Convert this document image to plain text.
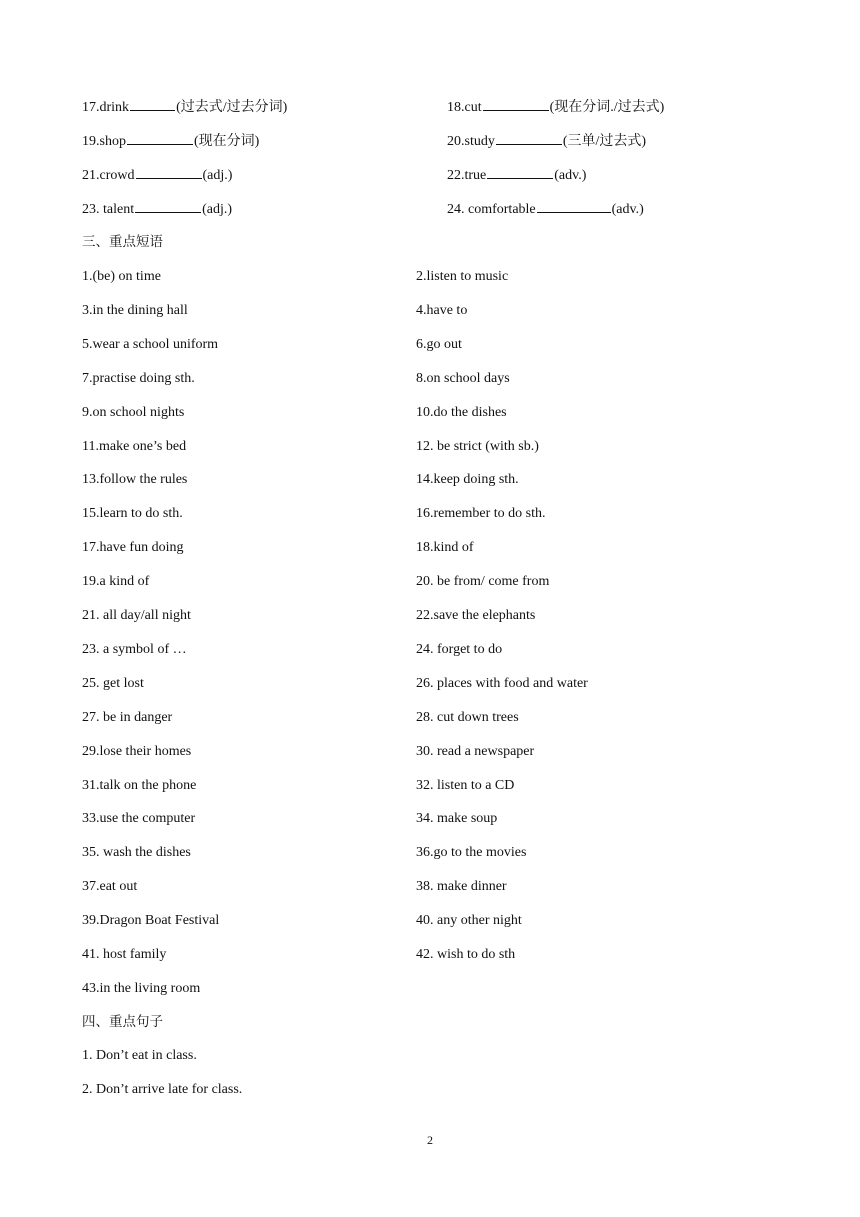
17.drink	(过去式/过去分词)	18.cut	(现在分词./过去式)
19.shop	(现在分词)	20.study	(三单/过去式)
21.crowd	(adj.)	22.true	(adv.)
23. talent	(adj.)	24. comfortable	(adv.)
三、重点短语
1.(be) on time	2.listen to music
3.in the dining hall	4.have to
5.wear a school uniform	6.go out
7.practise doing sth.	8.on school days
9.on school nights	10.do the dishes
11.make one’s bed	12. be strict (with sb.)
13.follow the rules	14.keep doing sth.
15.learn to do sth.	16.remember to do sth.
17.have fun doing	18.kind of
19.a kind of	20. be from/ come from
21. all day/all night	22.save the elephants
23. a symbol of …	24. forget to do
25. get lost	26. places with food and water
27. be in danger	28. cut down trees
29.lose their homes	30. read a newspaper
31.talk on the phone	32. listen to a CD
33.use the computer	34. make soup
35. wash the dishes	36.go to the movies
37.eat out	38. make dinner
39.Dragon Boat Festival	40. any other night
41. host family	42. wish to do sth
43.in the living room
四、重点句子
1. Don’t eat in class.
2. Don’t arrive late for class.
2
